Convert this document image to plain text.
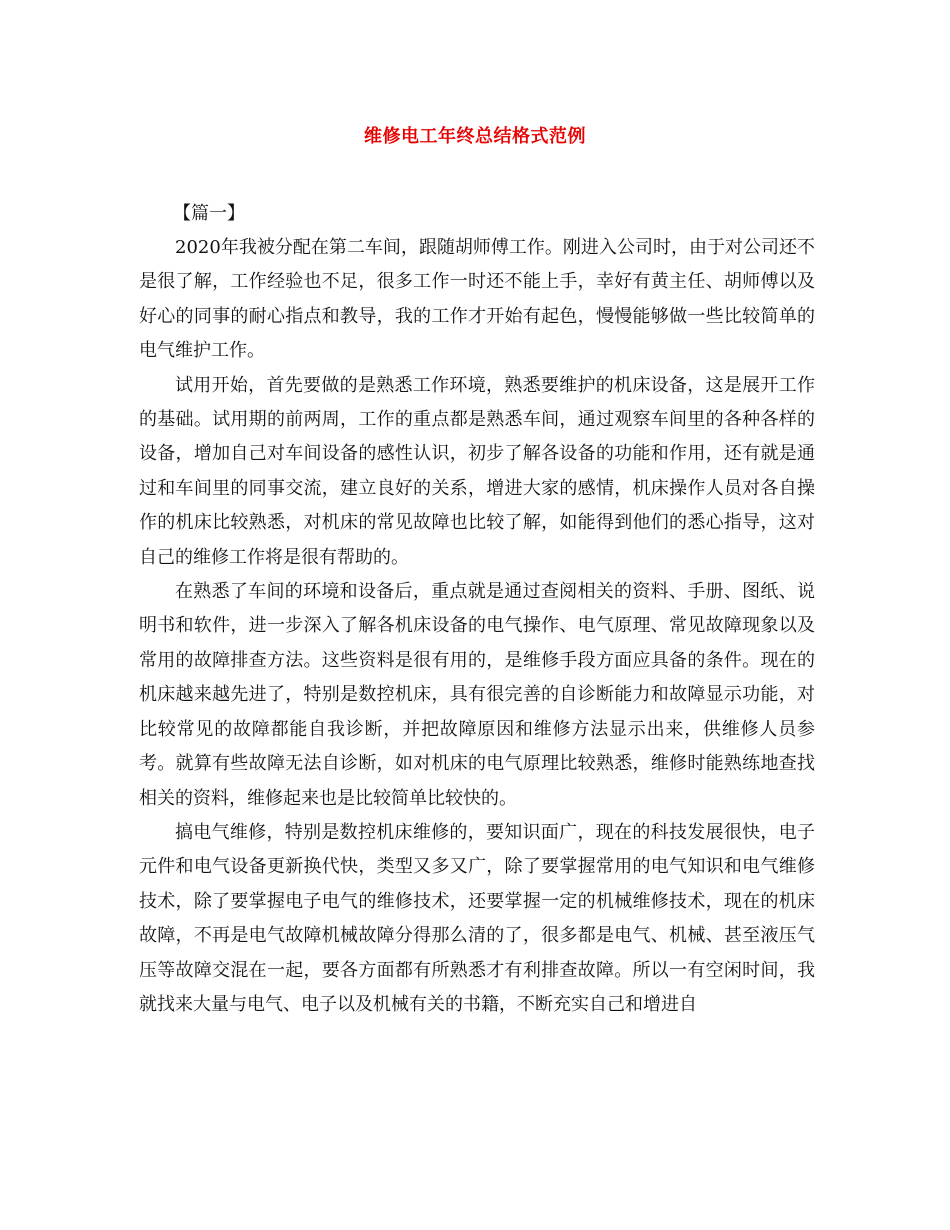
维修电工年终总结格式范例
【篇一】

2020年我被分配在第二车间，跟随胡师傅工作。刚进入公司时，由于对公司还不是很了解，工作经验也不足，很多工作一时还不能上手，幸好有黄主任、胡师傅以及好心的同事的耐心指点和教导，我的工作才开始有起色，慢慢能够做一些比较简单的电气维护工作。

试用开始，首先要做的是熟悉工作环境，熟悉要维护的机床设备，这是展开工作的基础。试用期的前两周，工作的重点都是熟悉车间，通过观察车间里的各种各样的设备，增加自己对车间设备的感性认识，初步了解各设备的功能和作用，还有就是通过和车间里的同事交流，建立良好的关系，增进大家的感情，机床操作人员对各自操作的机床比较熟悉，对机床的常见故障也比较了解，如能得到他们的悉心指导，这对自己的维修工作将是很有帮助的。

在熟悉了车间的环境和设备后，重点就是通过查阅相关的资料、手册、图纸、说明书和软件，进一步深入了解各机床设备的电气操作、电气原理、常见故障现象以及常用的故障排查方法。这些资料是很有用的，是维修手段方面应具备的条件。现在的机床越来越先进了，特别是数控机床，具有很完善的自诊断能力和故障显示功能，对比较常见的故障都能自我诊断，并把故障原因和维修方法显示出来，供维修人员参考。就算有些故障无法自诊断，如对机床的电气原理比较熟悉，维修时能熟练地查找相关的资料，维修起来也是比较简单比较快的。

搞电气维修，特别是数控机床维修的，要知识面广，现在的科技发展很快，电子元件和电气设备更新换代快，类型又多又广，除了要掌握常用的电气知识和电气维修技术，除了要掌握电子电气的维修技术，还要掌握一定的机械维修技术，现在的机床故障，不再是电气故障机械故障分得那么清的了，很多都是电气、机械、甚至液压气压等故障交混在一起，要各方面都有所熟悉才有利排查故障。所以一有空闲时间，我就找来大量与电气、电子以及机械有关的书籍，不断充实自己和增进自
